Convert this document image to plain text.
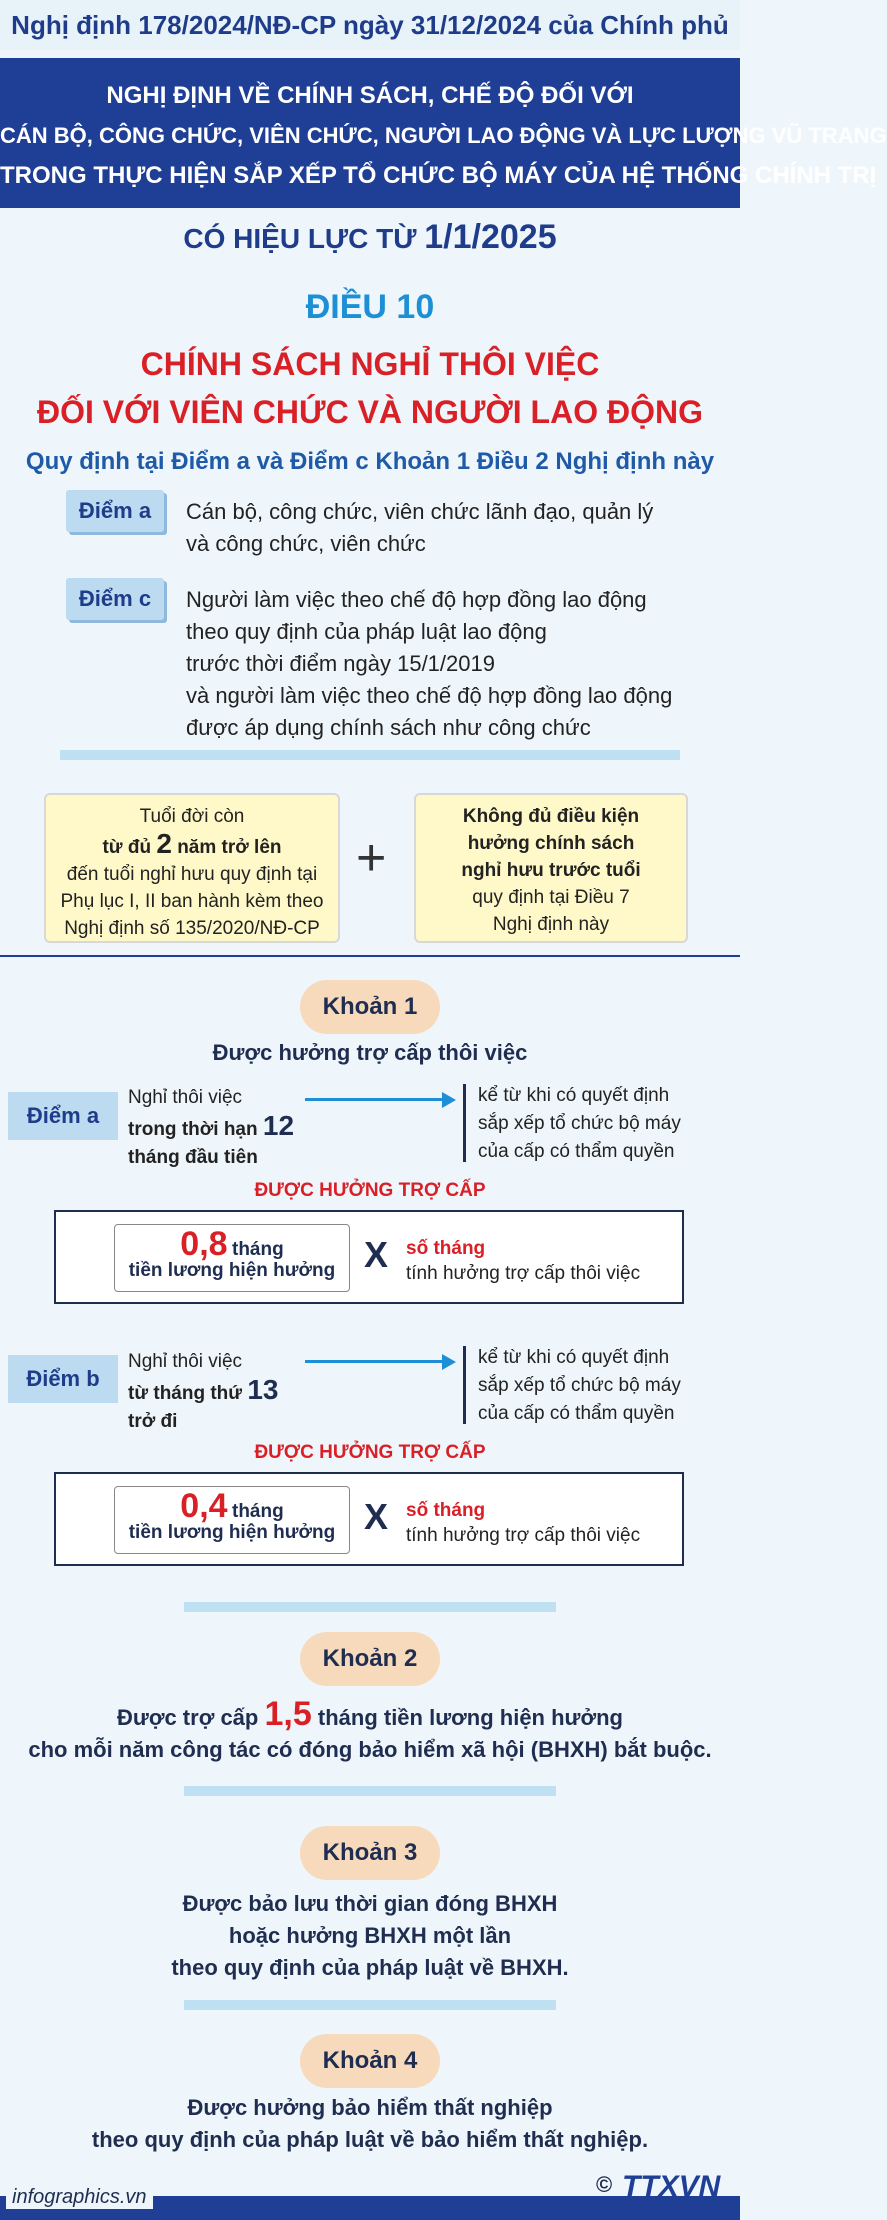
Nghị định 178/2024/NĐ-CP ngày 31/12/2024 của Chính phủ
NGHỊ ĐỊNH VỀ CHÍNH SÁCH, CHẾ ĐỘ ĐỐI VỚI
CÁN BỘ, CÔNG CHỨC, VIÊN CHỨC, NGƯỜI LAO ĐỘNG VÀ LỰC LƯỢNG VŨ TRANG
TRONG THỰC HIỆN SẮP XẾP TỔ CHỨC BỘ MÁY CỦA HỆ THỐNG CHÍNH TRỊ
CÓ HIỆU LỰC TỪ 1/1/2025
ĐIỀU 10
CHÍNH SÁCH NGHỈ THÔI VIỆC
ĐỐI VỚI VIÊN CHỨC VÀ NGƯỜI LAO ĐỘNG
Quy định tại Điểm a và Điểm c Khoản 1 Điều 2 Nghị định này
Điểm a	Cán bộ, công chức, viên chức lãnh đạo, quản lý
và công chức, viên chức
Điểm c	Người làm việc theo chế độ hợp đồng lao động
theo quy định của pháp luật lao động
trước thời điểm ngày 15/1/2019
và người làm việc theo chế độ hợp đồng lao động
được áp dụng chính sách như công chức
Tuổi đời còn
từ đủ 2 năm trở lên
đến tuổi nghỉ hưu quy định tại
Phụ lục I, II ban hành kèm theo
Nghị định số 135/2020/NĐ-CP
+
Không đủ điều kiện
hưởng chính sách
nghỉ hưu trước tuổi
quy định tại Điều 7
Nghị định này
Khoản 1
Được hưởng trợ cấp thôi việc
Điểm a
Nghỉ thôi việc
trong thời hạn 12 tháng đầu tiên
kể từ khi có quyết định
sắp xếp tổ chức bộ máy
của cấp có thẩm quyền
ĐƯỢC HƯỞNG TRỢ CẤP
0,8 tháng
tiền lương hiện hưởng X số tháng
tính hưởng trợ cấp thôi việc
Điểm b
Nghỉ thôi việc
từ tháng thứ 13 trở đi
kể từ khi có quyết định
sắp xếp tổ chức bộ máy
của cấp có thẩm quyền
ĐƯỢC HƯỞNG TRỢ CẤP
0,4 tháng
tiền lương hiện hưởng X số tháng
tính hưởng trợ cấp thôi việc
Khoản 2
Được trợ cấp 1,5 tháng tiền lương hiện hưởng
cho mỗi năm công tác có đóng bảo hiểm xã hội (BHXH) bắt buộc.
Khoản 3
Được bảo lưu thời gian đóng BHXH
hoặc hưởng BHXH một lần
theo quy định của pháp luật về BHXH.
Khoản 4
Được hưởng bảo hiểm thất nghiệp
theo quy định của pháp luật về bảo hiểm thất nghiệp.
infographics.vn	© TTXVN
